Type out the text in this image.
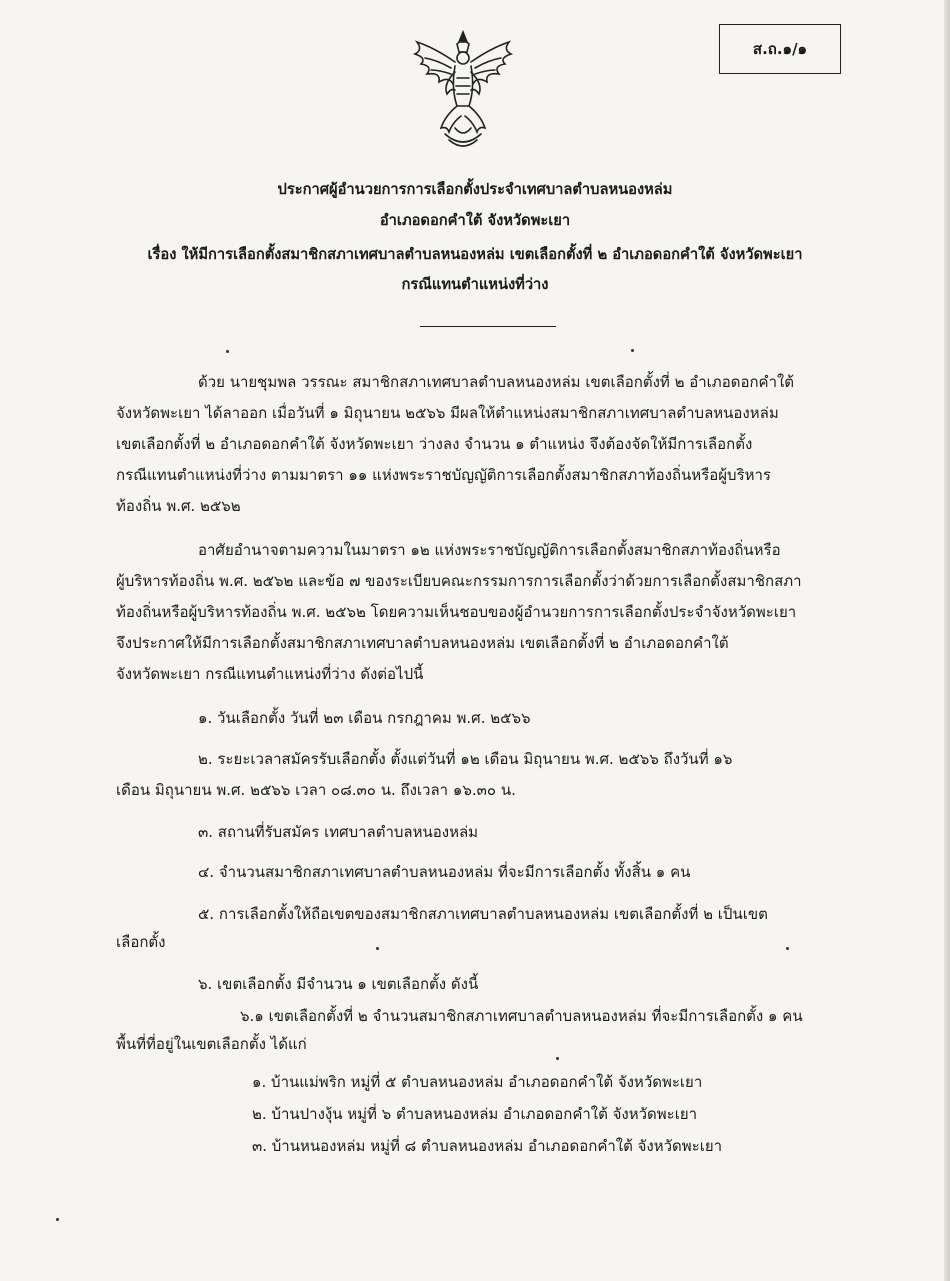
ส.ถ.๑/๑
ประกาศผู้อำนวยการการเลือกตั้งประจำเทศบาลตำบลหนองหล่ม
อำเภอดอกคำใต้ จังหวัดพะเยา
เรื่อง ให้มีการเลือกตั้งสมาชิกสภาเทศบาลตำบลหนองหล่ม เขตเลือกตั้งที่ ๒ อำเภอดอกคำใต้ จังหวัดพะเยา
กรณีแทนตำแหน่งที่ว่าง
ด้วย นายชุมพล วรรณะ สมาชิกสภาเทศบาลตำบลหนองหล่ม เขตเลือกตั้งที่ ๒ อำเภอดอกคำใต้
จังหวัดพะเยา ได้ลาออก เมื่อวันที่ ๑ มิถุนายน ๒๕๖๖ มีผลให้ตำแหน่งสมาชิกสภาเทศบาลตำบลหนองหล่ม
เขตเลือกตั้งที่ ๒ อำเภอดอกคำใต้ จังหวัดพะเยา ว่างลง จำนวน ๑ ตำแหน่ง จึงต้องจัดให้มีการเลือกตั้ง
กรณีแทนตำแหน่งที่ว่าง ตามมาตรา ๑๑ แห่งพระราชบัญญัติการเลือกตั้งสมาชิกสภาท้องถิ่นหรือผู้บริหาร
ท้องถิ่น พ.ศ. ๒๕๖๒
อาศัยอำนาจตามความในมาตรา ๑๒ แห่งพระราชบัญญัติการเลือกตั้งสมาชิกสภาท้องถิ่นหรือ
ผู้บริหารท้องถิ่น พ.ศ. ๒๕๖๒ และข้อ ๗ ของระเบียบคณะกรรมการการเลือกตั้งว่าด้วยการเลือกตั้งสมาชิกสภา
ท้องถิ่นหรือผู้บริหารท้องถิ่น พ.ศ. ๒๕๖๒ โดยความเห็นชอบของผู้อำนวยการการเลือกตั้งประจำจังหวัดพะเยา
จึงประกาศให้มีการเลือกตั้งสมาชิกสภาเทศบาลตำบลหนองหล่ม เขตเลือกตั้งที่ ๒ อำเภอดอกคำใต้
จังหวัดพะเยา กรณีแทนตำแหน่งที่ว่าง ดังต่อไปนี้
๑. วันเลือกตั้ง วันที่ ๒๓ เดือน กรกฎาคม พ.ศ. ๒๕๖๖
๒. ระยะเวลาสมัครรับเลือกตั้ง ตั้งแต่วันที่ ๑๒ เดือน มิถุนายน พ.ศ. ๒๕๖๖ ถึงวันที่ ๑๖
เดือน มิถุนายน พ.ศ. ๒๕๖๖ เวลา ๐๘.๓๐ น. ถึงเวลา ๑๖.๓๐ น.
๓. สถานที่รับสมัคร เทศบาลตำบลหนองหล่ม
๔. จำนวนสมาชิกสภาเทศบาลตำบลหนองหล่ม ที่จะมีการเลือกตั้ง ทั้งสิ้น ๑ คน
๕. การเลือกตั้งให้ถือเขตของสมาชิกสภาเทศบาลตำบลหนองหล่ม เขตเลือกตั้งที่ ๒ เป็นเขต
เลือกตั้ง
๖. เขตเลือกตั้ง มีจำนวน ๑ เขตเลือกตั้ง ดังนี้
๖.๑ เขตเลือกตั้งที่ ๒ จำนวนสมาชิกสภาเทศบาลตำบลหนองหล่ม ที่จะมีการเลือกตั้ง ๑ คน
พื้นที่ที่อยู่ในเขตเลือกตั้ง ได้แก่
๑. บ้านแม่พริก หมู่ที่ ๕ ตำบลหนองหล่ม อำเภอดอกคำใต้ จังหวัดพะเยา
๒. บ้านปางงุ้น หมู่ที่ ๖ ตำบลหนองหล่ม อำเภอดอกคำใต้ จังหวัดพะเยา
๓. บ้านหนองหล่ม หมู่ที่ ๘ ตำบลหนองหล่ม อำเภอดอกคำใต้ จังหวัดพะเยา
